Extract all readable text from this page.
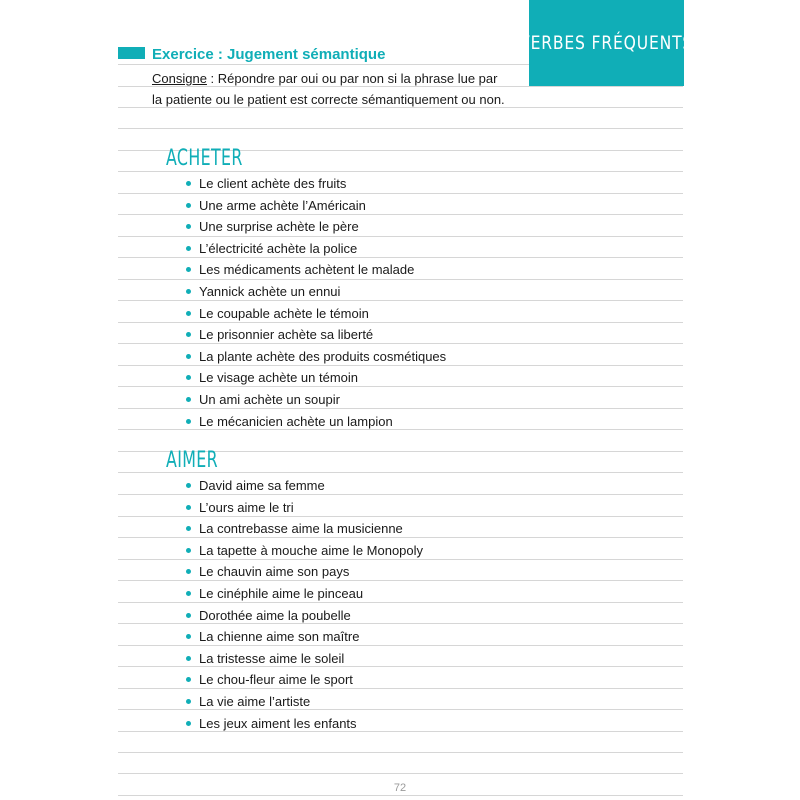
VERBES FRÉQUENTS
Exercice : Jugement sémantique
Consigne : Répondre par oui ou par non si la phrase lue par
la patiente ou le patient est correcte sémantiquement ou non.
ACHETER
Le client achète des fruits
Une arme achète l’Américain
Une surprise achète le père
L’électricité achète la police
Les médicaments achètent le malade
Yannick achète un ennui
Le coupable achète le témoin
Le prisonnier achète sa liberté
La plante achète des produits cosmétiques
Le visage achète un témoin
Un ami achète un soupir
Le mécanicien achète un lampion
AIMER
David aime sa femme
L’ours aime le tri
La contrebasse aime la musicienne
La tapette à mouche aime le Monopoly
Le chauvin aime son pays
Le cinéphile aime le pinceau
Dorothée aime la poubelle
La chienne aime son maître
La tristesse aime le soleil
Le chou-fleur aime le sport
La vie aime l’artiste
Les jeux aiment les enfants
72
